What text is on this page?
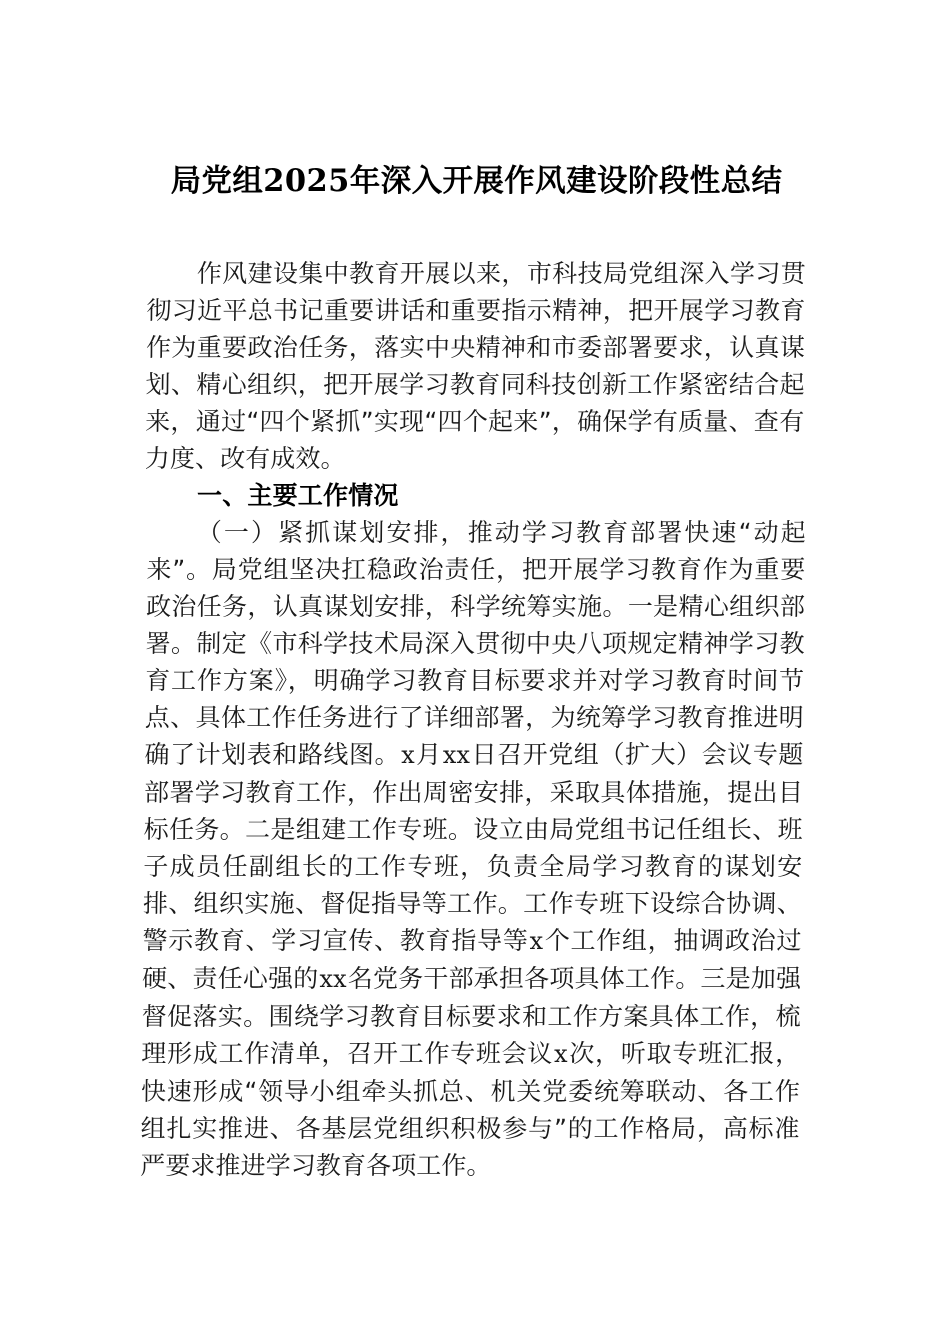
局党组2025年深入开展作风建设阶段性总结

作风建设集中教育开展以来，市科技局党组深入学习贯彻习近平总书记重要讲话和重要指示精神，把开展学习教育作为重要政治任务，落实中央精神和市委部署要求，认真谋划、精心组织，把开展学习教育同科技创新工作紧密结合起来，通过“四个紧抓”实现“四个起来”，确保学有质量、查有力度、改有成效。

一、主要工作情况

（一）紧抓谋划安排，推动学习教育部署快速“动起来”。局党组坚决扛稳政治责任，把开展学习教育作为重要政治任务，认真谋划安排，科学统筹实施。一是精心组织部署。制定《市科学技术局深入贯彻中央八项规定精神学习教育工作方案》，明确学习教育目标要求并对学习教育时间节点、具体工作任务进行了详细部署，为统筹学习教育推进明确了计划表和路线图。x月xx日召开党组（扩大）会议专题部署学习教育工作，作出周密安排，采取具体措施，提出目标任务。二是组建工作专班。设立由局党组书记任组长、班子成员任副组长的工作专班，负责全局学习教育的谋划安排、组织实施、督促指导等工作。工作专班下设综合协调、警示教育、学习宣传、教育指导等x个工作组，抽调政治过硬、责任心强的xx名党务干部承担各项具体工作。三是加强督促落实。围绕学习教育目标要求和工作方案具体工作，梳理形成工作清单，召开工作专班会议x次，听取专班汇报，快速形成“领导小组牵头抓总、机关党委统筹联动、各工作组扎实推进、各基层党组织积极参与”的工作格局，高标准严要求推进学习教育各项工作。
